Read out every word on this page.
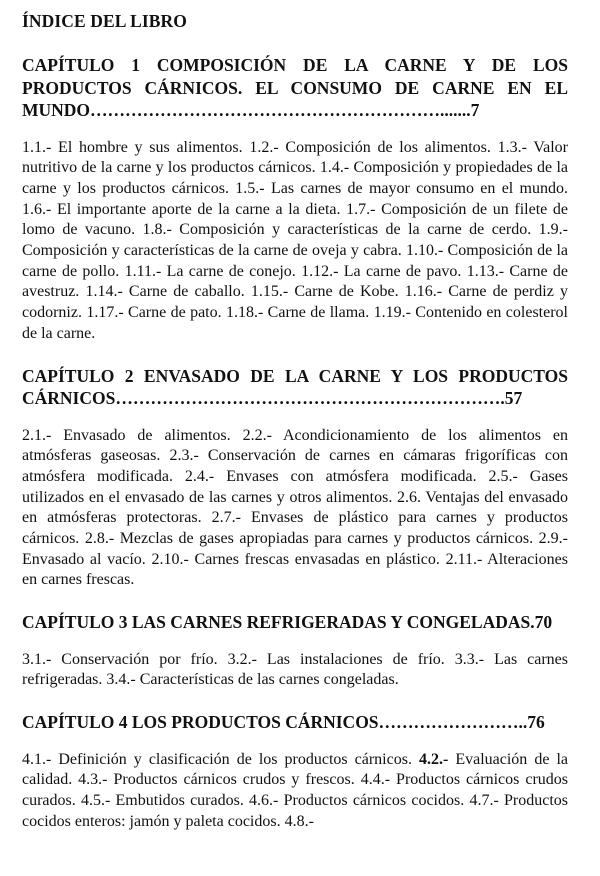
ÍNDICE DEL LIBRO
CAPÍTULO 1 COMPOSICIÓN DE LA CARNE Y DE LOS PRODUCTOS CÁRNICOS. EL CONSUMO DE CARNE EN EL MUNDO…………………………………………………….......7
1.1.- El hombre y sus alimentos. 1.2.- Composición de los alimentos. 1.3.- Valor nutritivo de la carne y los productos cárnicos. 1.4.- Composición y propiedades de la carne y los productos cárnicos. 1.5.- Las carnes de mayor consumo en el mundo. 1.6.- El importante aporte de la carne a la dieta. 1.7.- Composición de un filete de lomo de vacuno. 1.8.- Composición y características de la carne de cerdo. 1.9.- Composición y características de la carne de oveja y cabra. 1.10.- Composición de la carne de pollo. 1.11.- La carne de conejo. 1.12.- La carne de pavo. 1.13.- Carne de avestruz. 1.14.- Carne de caballo. 1.15.- Carne de Kobe. 1.16.- Carne de perdiz y codorniz. 1.17.- Carne de pato. 1.18.- Carne de llama. 1.19.- Contenido en colesterol de la carne.
CAPÍTULO 2 ENVASADO DE LA CARNE Y LOS PRODUCTOS CÁRNICOS………………………………………………………….57
2.1.- Envasado de alimentos. 2.2.- Acondicionamiento de los alimentos en atmósferas gaseosas. 2.3.- Conservación de carnes en cámaras frigoríficas con atmósfera modificada. 2.4.- Envases con atmósfera modificada. 2.5.- Gases utilizados en el envasado de las carnes y otros alimentos. 2.6. Ventajas del envasado en atmósferas protectoras. 2.7.- Envases de plástico para carnes y productos cárnicos. 2.8.- Mezclas de gases apropiadas para carnes y productos cárnicos. 2.9.- Envasado al vacío. 2.10.- Carnes frescas envasadas en plástico. 2.11.- Alteraciones en carnes frescas.
CAPÍTULO 3 LAS CARNES REFRIGERADAS Y CONGELADAS.70
3.1.- Conservación por frío. 3.2.- Las instalaciones de frío. 3.3.- Las carnes refrigeradas. 3.4.- Características de las carnes congeladas.
CAPÍTULO 4 LOS PRODUCTOS CÁRNICOS……………………..76
4.1.- Definición y clasificación de los productos cárnicos. 4.2.- Evaluación de la calidad. 4.3.- Productos cárnicos crudos y frescos. 4.4.- Productos cárnicos crudos curados. 4.5.- Embutidos curados. 4.6.- Productos cárnicos cocidos. 4.7.- Productos cocidos enteros: jamón y paleta cocidos. 4.8.-
